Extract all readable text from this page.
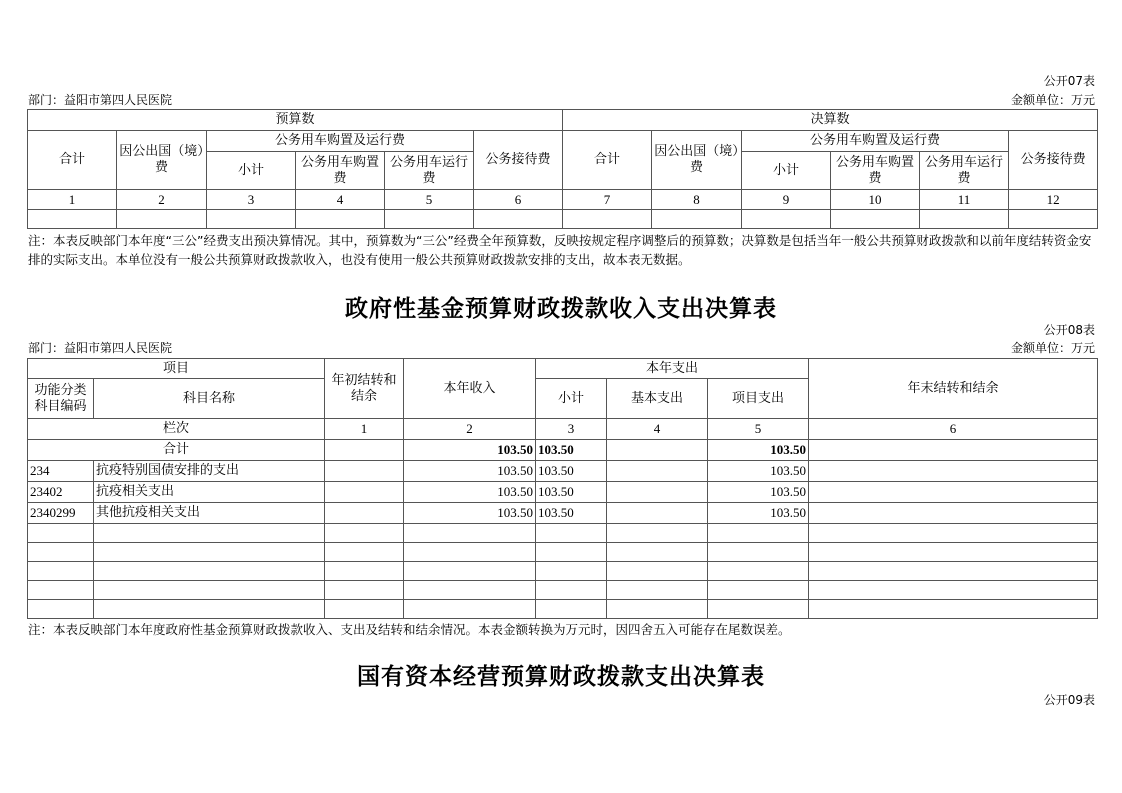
公开07表
部门：益阳市第四人民医院	金额单位：万元
预算数						决算数					
合计	因公出国（境）费	公务用车购置及运行费			公务接待费	合计	因公出国（境）费	公务用车购置及运行费			公务接待费
		小计	公务用车购置费	公务用车运行费				小计	公务用车购置费	公务用车运行费	
1	2	3	4	5	6	7	8	9	10	11	12

注：本表反映部门本年度“三公”经费支出预决算情况。其中，预算数为“三公”经费全年预算数，反映按规定程序调整后的预算数；决算数是包括当年一般公共预算财政拨款和以前年度结转资金安排的实际支出。本单位没有一般公共预算财政拨款收入，也没有使用一般公共预算财政拨款安排的支出，故本表无数据。
政府性基金预算财政拨款收入支出决算表
公开08表
部门：益阳市第四人民医院	金额单位：万元
项目		年初结转和结余	本年收入	本年支出			年末结转和结余
功能分类科目编码	科目名称			小计	基本支出	项目支出	
栏次		1	2	3	4	5	6
合计			103.50	103.50		103.50	
234	抗疫特别国债安排的支出		103.50	103.50		103.50	
23402	抗疫相关支出		103.50	103.50		103.50	
2340299	其他抗疫相关支出		103.50	103.50		103.50	

注：本表反映部门本年度政府性基金预算财政拨款收入、支出及结转和结余情况。本表金额转换为万元时，因四舍五入可能存在尾数误差。
国有资本经营预算财政拨款支出决算表
公开09表
